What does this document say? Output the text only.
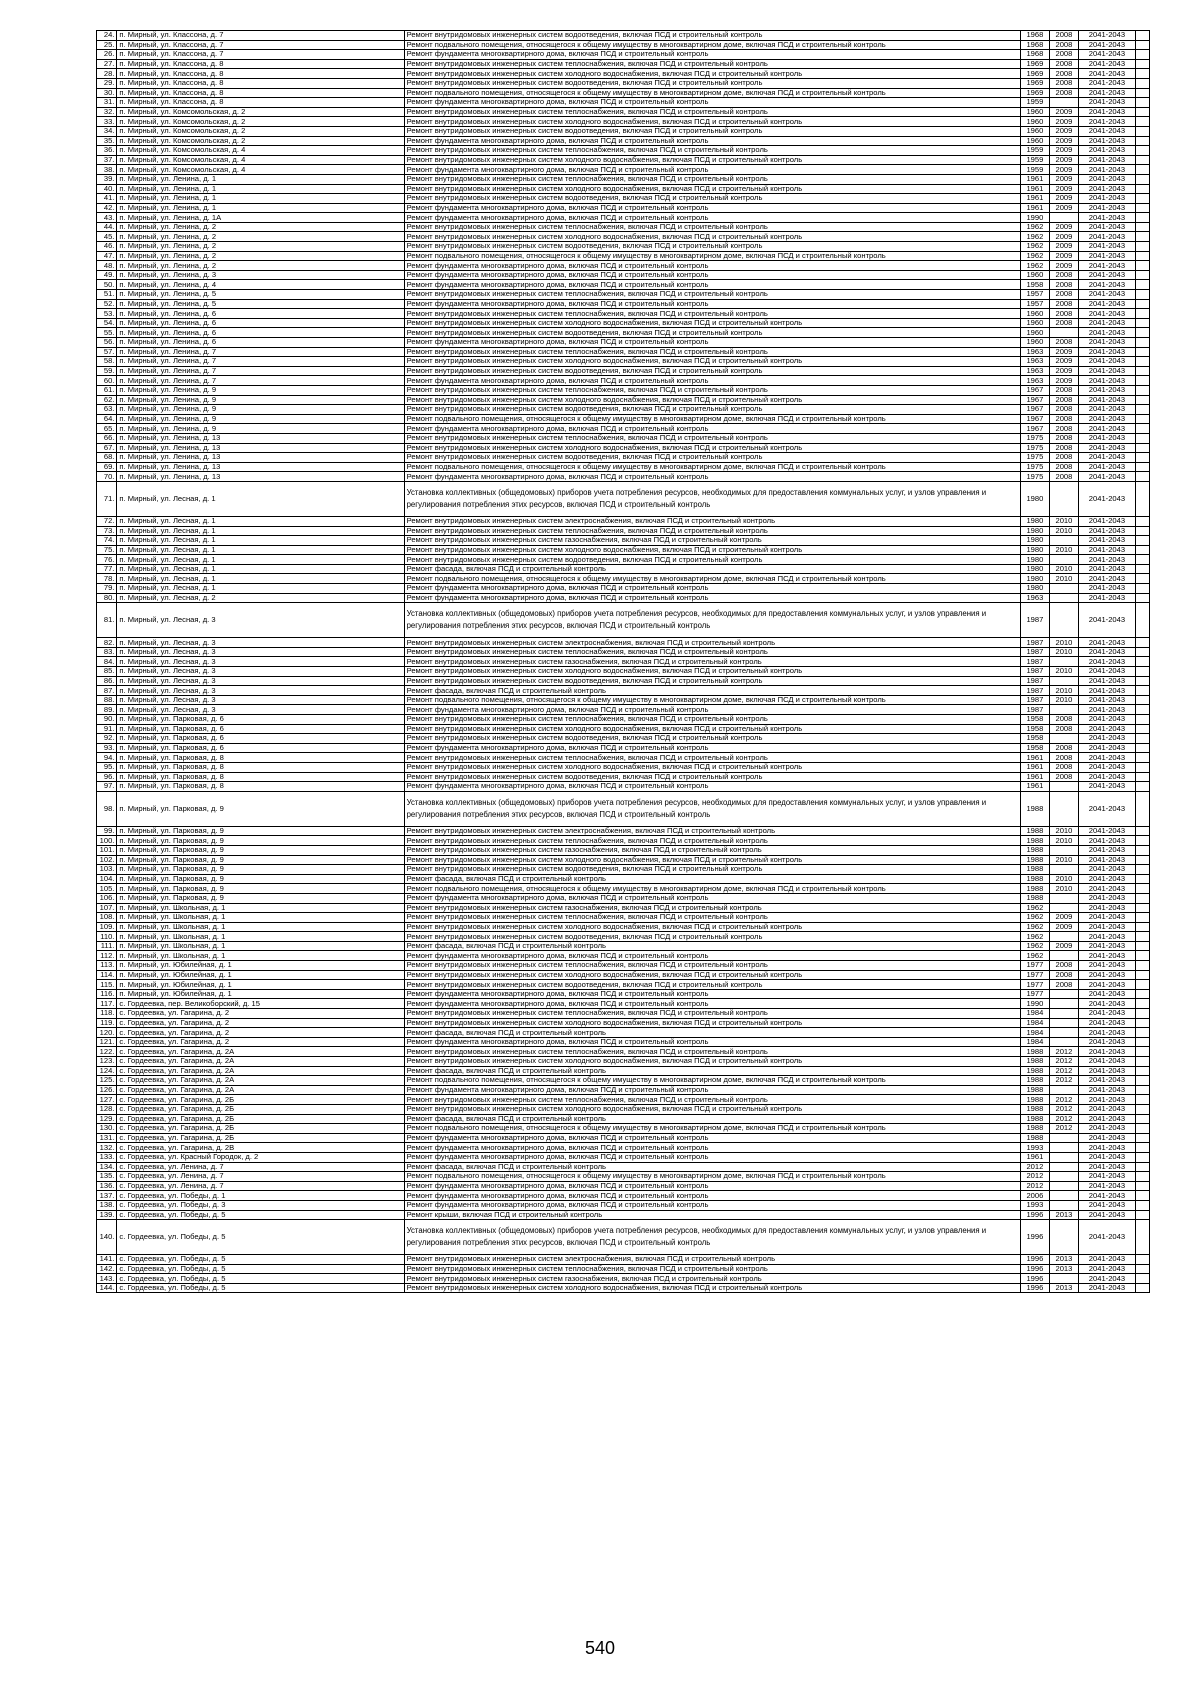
24.	п. Мирный, ул. Классона, д. 7	Ремонт внутридомовых инженерных систем водоотведения, включая ПСД и строительный контроль	1968	2008	2041-2043	
25.	п. Мирный, ул. Классона, д. 7	Ремонт подвального помещения, относящегося к общему имуществу в многоквартирном доме, включая ПСД и строительный контроль	1968	2008	2041-2043	
26.	п. Мирный, ул. Классона, д. 7	Ремонт фундамента многоквартирного дома, включая ПСД и строительный контроль	1968	2008	2041-2043	
27.	п. Мирный, ул. Классона, д. 8	Ремонт внутридомовых инженерных систем теплоснабжения, включая ПСД и строительный контроль	1969	2008	2041-2043	
28.	п. Мирный, ул. Классона, д. 8	Ремонт внутридомовых инженерных систем холодного водоснабжения, включая ПСД и строительный контроль	1969	2008	2041-2043	
29.	п. Мирный, ул. Классона, д. 8	Ремонт внутридомовых инженерных систем водоотведения, включая ПСД и строительный контроль	1969	2008	2041-2043	
30.	п. Мирный, ул. Классона, д. 8	Ремонт подвального помещения, относящегося к общему имуществу в многоквартирном доме, включая ПСД и строительный контроль	1969	2008	2041-2043	
31.	п. Мирный, ул. Классона, д. 8	Ремонт фундамента многоквартирного дома, включая ПСД и строительный контроль	1959		2041-2043	
32.	п. Мирный, ул. Комсомольская, д. 2	Ремонт внутридомовых инженерных систем теплоснабжения, включая ПСД и строительный контроль	1960	2009	2041-2043	
33.	п. Мирный, ул. Комсомольская, д. 2	Ремонт внутридомовых инженерных систем холодного водоснабжения, включая ПСД и строительный контроль	1960	2009	2041-2043	
34.	п. Мирный, ул. Комсомольская, д. 2	Ремонт внутридомовых инженерных систем водоотведения, включая ПСД и строительный контроль	1960	2009	2041-2043	
35.	п. Мирный, ул. Комсомольская, д. 2	Ремонт фундамента многоквартирного дома, включая ПСД и строительный контроль	1960	2009	2041-2043	
36.	п. Мирный, ул. Комсомольская, д. 4	Ремонт внутридомовых инженерных систем теплоснабжения, включая ПСД и строительный контроль	1959	2009	2041-2043	
37.	п. Мирный, ул. Комсомольская, д. 4	Ремонт внутридомовых инженерных систем холодного водоснабжения, включая ПСД и строительный контроль	1959	2009	2041-2043	
38.	п. Мирный, ул. Комсомольская, д. 4	Ремонт фундамента многоквартирного дома, включая ПСД и строительный контроль	1959	2009	2041-2043	
39.	п. Мирный, ул. Ленина, д. 1	Ремонт внутридомовых инженерных систем теплоснабжения, включая ПСД и строительный контроль	1961	2009	2041-2043	
40.	п. Мирный, ул. Ленина, д. 1	Ремонт внутридомовых инженерных систем холодного водоснабжения, включая ПСД и строительный контроль	1961	2009	2041-2043	
41.	п. Мирный, ул. Ленина, д. 1	Ремонт внутридомовых инженерных систем водоотведения, включая ПСД и строительный контроль	1961	2009	2041-2043	
42.	п. Мирный, ул. Ленина, д. 1	Ремонт фундамента многоквартирного дома, включая ПСД и строительный контроль	1961	2009	2041-2043	
43.	п. Мирный, ул. Ленина, д. 1А	Ремонт фундамента многоквартирного дома, включая ПСД и строительный контроль	1990		2041-2043	
44.	п. Мирный, ул. Ленина, д. 2	Ремонт внутридомовых инженерных систем теплоснабжения, включая ПСД и строительный контроль	1962	2009	2041-2043	
45.	п. Мирный, ул. Ленина, д. 2	Ремонт внутридомовых инженерных систем холодного водоснабжения, включая ПСД и строительный контроль	1962	2009	2041-2043	
46.	п. Мирный, ул. Ленина, д. 2	Ремонт внутридомовых инженерных систем водоотведения, включая ПСД и строительный контроль	1962	2009	2041-2043	
47.	п. Мирный, ул. Ленина, д. 2	Ремонт подвального помещения, относящегося к общему имуществу в многоквартирном доме, включая ПСД и строительный контроль	1962	2009	2041-2043	
48.	п. Мирный, ул. Ленина, д. 2	Ремонт фундамента многоквартирного дома, включая ПСД и строительный контроль	1962	2009	2041-2043	
49.	п. Мирный, ул. Ленина, д. 3	Ремонт фундамента многоквартирного дома, включая ПСД и строительный контроль	1960	2008	2041-2043	
50.	п. Мирный, ул. Ленина, д. 4	Ремонт фундамента многоквартирного дома, включая ПСД и строительный контроль	1958	2008	2041-2043	
51.	п. Мирный, ул. Ленина, д. 5	Ремонт внутридомовых инженерных систем теплоснабжения, включая ПСД и строительный контроль	1957	2008	2041-2043	
52.	п. Мирный, ул. Ленина, д. 5	Ремонт фундамента многоквартирного дома, включая ПСД и строительный контроль	1957	2008	2041-2043	
53.	п. Мирный, ул. Ленина, д. 6	Ремонт внутридомовых инженерных систем теплоснабжения, включая ПСД и строительный контроль	1960	2008	2041-2043	
54.	п. Мирный, ул. Ленина, д. 6	Ремонт внутридомовых инженерных систем холодного водоснабжения, включая ПСД и строительный контроль	1960	2008	2041-2043	
55.	п. Мирный, ул. Ленина, д. 6	Ремонт внутридомовых инженерных систем водоотведения, включая ПСД и строительный контроль	1960		2041-2043	
56.	п. Мирный, ул. Ленина, д. 6	Ремонт фундамента многоквартирного дома, включая ПСД и строительный контроль	1960	2008	2041-2043	
57.	п. Мирный, ул. Ленина, д. 7	Ремонт внутридомовых инженерных систем теплоснабжения, включая ПСД и строительный контроль	1963	2009	2041-2043	
58.	п. Мирный, ул. Ленина, д. 7	Ремонт внутридомовых инженерных систем холодного водоснабжения, включая ПСД и строительный контроль	1963	2009	2041-2043	
59.	п. Мирный, ул. Ленина, д. 7	Ремонт внутридомовых инженерных систем водоотведения, включая ПСД и строительный контроль	1963	2009	2041-2043	
60.	п. Мирный, ул. Ленина, д. 7	Ремонт фундамента многоквартирного дома, включая ПСД и строительный контроль	1963	2009	2041-2043	
61.	п. Мирный, ул. Ленина, д. 9	Ремонт внутридомовых инженерных систем теплоснабжения, включая ПСД и строительный контроль	1967	2008	2041-2043	
62.	п. Мирный, ул. Ленина, д. 9	Ремонт внутридомовых инженерных систем холодного водоснабжения, включая ПСД и строительный контроль	1967	2008	2041-2043	
63.	п. Мирный, ул. Ленина, д. 9	Ремонт внутридомовых инженерных систем водоотведения, включая ПСД и строительный контроль	1967	2008	2041-2043	
64.	п. Мирный, ул. Ленина, д. 9	Ремонт подвального помещения, относящегося к общему имуществу в многоквартирном доме, включая ПСД и строительный контроль	1967	2008	2041-2043	
65.	п. Мирный, ул. Ленина, д. 9	Ремонт фундамента многоквартирного дома, включая ПСД и строительный контроль	1967	2008	2041-2043	
66.	п. Мирный, ул. Ленина, д. 13	Ремонт внутридомовых инженерных систем теплоснабжения, включая ПСД и строительный контроль	1975	2008	2041-2043	
67.	п. Мирный, ул. Ленина, д. 13	Ремонт внутридомовых инженерных систем холодного водоснабжения, включая ПСД и строительный контроль	1975	2008	2041-2043	
68.	п. Мирный, ул. Ленина, д. 13	Ремонт внутридомовых инженерных систем водоотведения, включая ПСД и строительный контроль	1975	2008	2041-2043	
69.	п. Мирный, ул. Ленина, д. 13	Ремонт подвального помещения, относящегося к общему имуществу в многоквартирном доме, включая ПСД и строительный контроль	1975	2008	2041-2043	
70.	п. Мирный, ул. Ленина, д. 13	Ремонт фундамента многоквартирного дома, включая ПСД и строительный контроль	1975	2008	2041-2043	
71.	п. Мирный, ул. Лесная, д. 1	Установка коллективных (общедомовых) приборов учета потребления ресурсов, необходимых для предоставления коммунальных услуг, и узлов управления и регулирования потребления этих ресурсов, включая ПСД и строительный контроль	1980		2041-2043	
72.	п. Мирный, ул. Лесная, д. 1	Ремонт внутридомовых инженерных систем электроснабжения, включая ПСД и строительный контроль	1980	2010	2041-2043	
73.	п. Мирный, ул. Лесная, д. 1	Ремонт внутридомовых инженерных систем теплоснабжения, включая ПСД и строительный контроль	1980	2010	2041-2043	
74.	п. Мирный, ул. Лесная, д. 1	Ремонт внутридомовых инженерных систем газоснабжения, включая ПСД и строительный контроль	1980		2041-2043	
75.	п. Мирный, ул. Лесная, д. 1	Ремонт внутридомовых инженерных систем холодного водоснабжения, включая ПСД и строительный контроль	1980	2010	2041-2043	
76.	п. Мирный, ул. Лесная, д. 1	Ремонт внутридомовых инженерных систем водоотведения, включая ПСД и строительный контроль	1980		2041-2043	
77.	п. Мирный, ул. Лесная, д. 1	Ремонт фасада, включая ПСД и строительный контроль	1980	2010	2041-2043	
78.	п. Мирный, ул. Лесная, д. 1	Ремонт подвального помещения, относящегося к общему имуществу в многоквартирном доме, включая ПСД и строительный контроль	1980	2010	2041-2043	
79.	п. Мирный, ул. Лесная, д. 1	Ремонт фундамента многоквартирного дома, включая ПСД и строительный контроль	1980		2041-2043	
80.	п. Мирный, ул. Лесная, д. 2	Ремонт фундамента многоквартирного дома, включая ПСД и строительный контроль	1963		2041-2043	
81.	п. Мирный, ул. Лесная, д. 3	Установка коллективных (общедомовых) приборов учета потребления ресурсов, необходимых для предоставления коммунальных услуг, и узлов управления и регулирования потребления этих ресурсов, включая ПСД и строительный контроль	1987		2041-2043	
82.	п. Мирный, ул. Лесная, д. 3	Ремонт внутридомовых инженерных систем электроснабжения, включая ПСД и строительный контроль	1987	2010	2041-2043	
83.	п. Мирный, ул. Лесная, д. 3	Ремонт внутридомовых инженерных систем теплоснабжения, включая ПСД и строительный контроль	1987	2010	2041-2043	
84.	п. Мирный, ул. Лесная, д. 3	Ремонт внутридомовых инженерных систем газоснабжения, включая ПСД и строительный контроль	1987		2041-2043	
85.	п. Мирный, ул. Лесная, д. 3	Ремонт внутридомовых инженерных систем холодного водоснабжения, включая ПСД и строительный контроль	1987	2010	2041-2043	
86.	п. Мирный, ул. Лесная, д. 3	Ремонт внутридомовых инженерных систем водоотведения, включая ПСД и строительный контроль	1987		2041-2043	
87.	п. Мирный, ул. Лесная, д. 3	Ремонт фасада, включая ПСД и строительный контроль	1987	2010	2041-2043	
88.	п. Мирный, ул. Лесная, д. 3	Ремонт подвального помещения, относящегося к общему имуществу в многоквартирном доме, включая ПСД и строительный контроль	1987	2010	2041-2043	
89.	п. Мирный, ул. Лесная, д. 3	Ремонт фундамента многоквартирного дома, включая ПСД и строительный контроль	1987		2041-2043	
90.	п. Мирный, ул. Парковая, д. 6	Ремонт внутридомовых инженерных систем теплоснабжения, включая ПСД и строительный контроль	1958	2008	2041-2043	
91.	п. Мирный, ул. Парковая, д. 6	Ремонт внутридомовых инженерных систем холодного водоснабжения, включая ПСД и строительный контроль	1958	2008	2041-2043	
92.	п. Мирный, ул. Парковая, д. 6	Ремонт внутридомовых инженерных систем водоотведения, включая ПСД и строительный контроль	1958		2041-2043	
93.	п. Мирный, ул. Парковая, д. 6	Ремонт фундамента многоквартирного дома, включая ПСД и строительный контроль	1958	2008	2041-2043	
94.	п. Мирный, ул. Парковая, д. 8	Ремонт внутридомовых инженерных систем теплоснабжения, включая ПСД и строительный контроль	1961	2008	2041-2043	
95.	п. Мирный, ул. Парковая, д. 8	Ремонт внутридомовых инженерных систем холодного водоснабжения, включая ПСД и строительный контроль	1961	2008	2041-2043	
96.	п. Мирный, ул. Парковая, д. 8	Ремонт внутридомовых инженерных систем водоотведения, включая ПСД и строительный контроль	1961	2008	2041-2043	
97.	п. Мирный, ул. Парковая, д. 8	Ремонт фундамента многоквартирного дома, включая ПСД и строительный контроль	1961		2041-2043	
98.	п. Мирный, ул. Парковая, д. 9	Установка коллективных (общедомовых) приборов учета потребления ресурсов, необходимых для предоставления коммунальных услуг, и узлов управления и регулирования потребления этих ресурсов, включая ПСД и строительный контроль	1988		2041-2043	
99.	п. Мирный, ул. Парковая, д. 9	Ремонт внутридомовых инженерных систем электроснабжения, включая ПСД и строительный контроль	1988	2010	2041-2043	
100.	п. Мирный, ул. Парковая, д. 9	Ремонт внутридомовых инженерных систем теплоснабжения, включая ПСД и строительный контроль	1988	2010	2041-2043	
101.	п. Мирный, ул. Парковая, д. 9	Ремонт внутридомовых инженерных систем газоснабжения, включая ПСД и строительный контроль	1988		2041-2043	
102.	п. Мирный, ул. Парковая, д. 9	Ремонт внутридомовых инженерных систем холодного водоснабжения, включая ПСД и строительный контроль	1988	2010	2041-2043	
103.	п. Мирный, ул. Парковая, д. 9	Ремонт внутридомовых инженерных систем водоотведения, включая ПСД и строительный контроль	1988		2041-2043	
104.	п. Мирный, ул. Парковая, д. 9	Ремонт фасада, включая ПСД и строительный контроль	1988	2010	2041-2043	
105.	п. Мирный, ул. Парковая, д. 9	Ремонт подвального помещения, относящегося к общему имуществу в многоквартирном доме, включая ПСД и строительный контроль	1988	2010	2041-2043	
106.	п. Мирный, ул. Парковая, д. 9	Ремонт фундамента многоквартирного дома, включая ПСД и строительный контроль	1988		2041-2043	
107.	п. Мирный, ул. Школьная, д. 1	Ремонт внутридомовых инженерных систем газоснабжения, включая ПСД и строительный контроль	1962		2041-2043	
108.	п. Мирный, ул. Школьная, д. 1	Ремонт внутридомовых инженерных систем теплоснабжения, включая ПСД и строительный контроль	1962	2009	2041-2043	
109.	п. Мирный, ул. Школьная, д. 1	Ремонт внутридомовых инженерных систем холодного водоснабжения, включая ПСД и строительный контроль	1962	2009	2041-2043	
110.	п. Мирный, ул. Школьная, д. 1	Ремонт внутридомовых инженерных систем водоотведения, включая ПСД и строительный контроль	1962		2041-2043	
111.	п. Мирный, ул. Школьная, д. 1	Ремонт фасада, включая ПСД и строительный контроль	1962	2009	2041-2043	
112.	п. Мирный, ул. Школьная, д. 1	Ремонт фундамента многоквартирного дома, включая ПСД и строительный контроль	1962		2041-2043	
113.	п. Мирный, ул. Юбилейная, д. 1	Ремонт внутридомовых инженерных систем теплоснабжения, включая ПСД и строительный контроль	1977	2008	2041-2043	
114.	п. Мирный, ул. Юбилейная, д. 1	Ремонт внутридомовых инженерных систем холодного водоснабжения, включая ПСД и строительный контроль	1977	2008	2041-2043	
115.	п. Мирный, ул. Юбилейная, д. 1	Ремонт внутридомовых инженерных систем водоотведения, включая ПСД и строительный контроль	1977	2008	2041-2043	
116.	п. Мирный, ул. Юбилейная, д. 1	Ремонт фундамента многоквартирного дома, включая ПСД и строительный контроль	1977		2041-2043	
117.	с. Гордеевка, пер. Великоборский, д. 15	Ремонт фундамента многоквартирного дома, включая ПСД и строительный контроль	1990		2041-2043	
118.	с. Гордеевка, ул. Гагарина, д. 2	Ремонт внутридомовых инженерных систем теплоснабжения, включая ПСД и строительный контроль	1984		2041-2043	
119.	с. Гордеевка, ул. Гагарина, д. 2	Ремонт внутридомовых инженерных систем холодного водоснабжения, включая ПСД и строительный контроль	1984		2041-2043	
120.	с. Гордеевка, ул. Гагарина, д. 2	Ремонт фасада, включая ПСД и строительный контроль	1984		2041-2043	
121.	с. Гордеевка, ул. Гагарина, д. 2	Ремонт фундамента многоквартирного дома, включая ПСД и строительный контроль	1984		2041-2043	
122.	с. Гордеевка, ул. Гагарина, д. 2А	Ремонт внутридомовых инженерных систем теплоснабжения, включая ПСД и строительный контроль	1988	2012	2041-2043	
123.	с. Гордеевка, ул. Гагарина, д. 2А	Ремонт внутридомовых инженерных систем холодного водоснабжения, включая ПСД и строительный контроль	1988	2012	2041-2043	
124.	с. Гордеевка, ул. Гагарина, д. 2А	Ремонт фасада, включая ПСД и строительный контроль	1988	2012	2041-2043	
125.	с. Гордеевка, ул. Гагарина, д. 2А	Ремонт подвального помещения, относящегося к общему имуществу в многоквартирном доме, включая ПСД и строительный контроль	1988	2012	2041-2043	
126.	с. Гордеевка, ул. Гагарина, д. 2А	Ремонт фундамента многоквартирного дома, включая ПСД и строительный контроль	1988		2041-2043	
127.	с. Гордеевка, ул. Гагарина, д. 2Б	Ремонт внутридомовых инженерных систем теплоснабжения, включая ПСД и строительный контроль	1988	2012	2041-2043	
128.	с. Гордеевка, ул. Гагарина, д. 2Б	Ремонт внутридомовых инженерных систем холодного водоснабжения, включая ПСД и строительный контроль	1988	2012	2041-2043	
129.	с. Гордеевка, ул. Гагарина, д. 2Б	Ремонт фасада, включая ПСД и строительный контроль	1988	2012	2041-2043	
130.	с. Гордеевка, ул. Гагарина, д. 2Б	Ремонт подвального помещения, относящегося к общему имуществу в многоквартирном доме, включая ПСД и строительный контроль	1988	2012	2041-2043	
131.	с. Гордеевка, ул. Гагарина, д. 2Б	Ремонт фундамента многоквартирного дома, включая ПСД и строительный контроль	1988		2041-2043	
132.	с. Гордеевка, ул. Гагарина, д. 2В	Ремонт фундамента многоквартирного дома, включая ПСД и строительный контроль	1993		2041-2043	
133.	с. Гордеевка, ул. Красный Городок, д. 2	Ремонт фундамента многоквартирного дома, включая ПСД и строительный контроль	1961		2041-2043	
134.	с. Гордеевка, ул. Ленина, д. 7	Ремонт фасада, включая ПСД и строительный контроль	2012		2041-2043	
135.	с. Гордеевка, ул. Ленина, д. 7	Ремонт подвального помещения, относящегося к общему имуществу в многоквартирном доме, включая ПСД и строительный контроль	2012		2041-2043	
136.	с. Гордеевка, ул. Ленина, д. 7	Ремонт фундамента многоквартирного дома, включая ПСД и строительный контроль	2012		2041-2043	
137.	с. Гордеевка, ул. Победы, д. 1	Ремонт фундамента многоквартирного дома, включая ПСД и строительный контроль	2006		2041-2043	
138.	с. Гордеевка, ул. Победы, д. 3	Ремонт фундамента многоквартирного дома, включая ПСД и строительный контроль	1993		2041-2043	
139.	с. Гордеевка, ул. Победы, д. 5	Ремонт крыши, включая ПСД и строительный контроль	1996	2013	2041-2043	
140.	с. Гордеевка, ул. Победы, д. 5	Установка коллективных (общедомовых) приборов учета потребления ресурсов, необходимых для предоставления коммунальных услуг, и узлов управления и регулирования потребления этих ресурсов, включая ПСД и строительный контроль	1996		2041-2043	
141.	с. Гордеевка, ул. Победы, д. 5	Ремонт внутридомовых инженерных систем электроснабжения, включая ПСД и строительный контроль	1996	2013	2041-2043	
142.	с. Гордеевка, ул. Победы, д. 5	Ремонт внутридомовых инженерных систем теплоснабжения, включая ПСД и строительный контроль	1996	2013	2041-2043	
143.	с. Гордеевка, ул. Победы, д. 5	Ремонт внутридомовых инженерных систем газоснабжения, включая ПСД и строительный контроль	1996		2041-2043	
144.	с. Гордеевка, ул. Победы, д. 5	Ремонт внутридомовых инженерных систем холодного водоснабжения, включая ПСД и строительный контроль	1996	2013	2041-2043	
540
